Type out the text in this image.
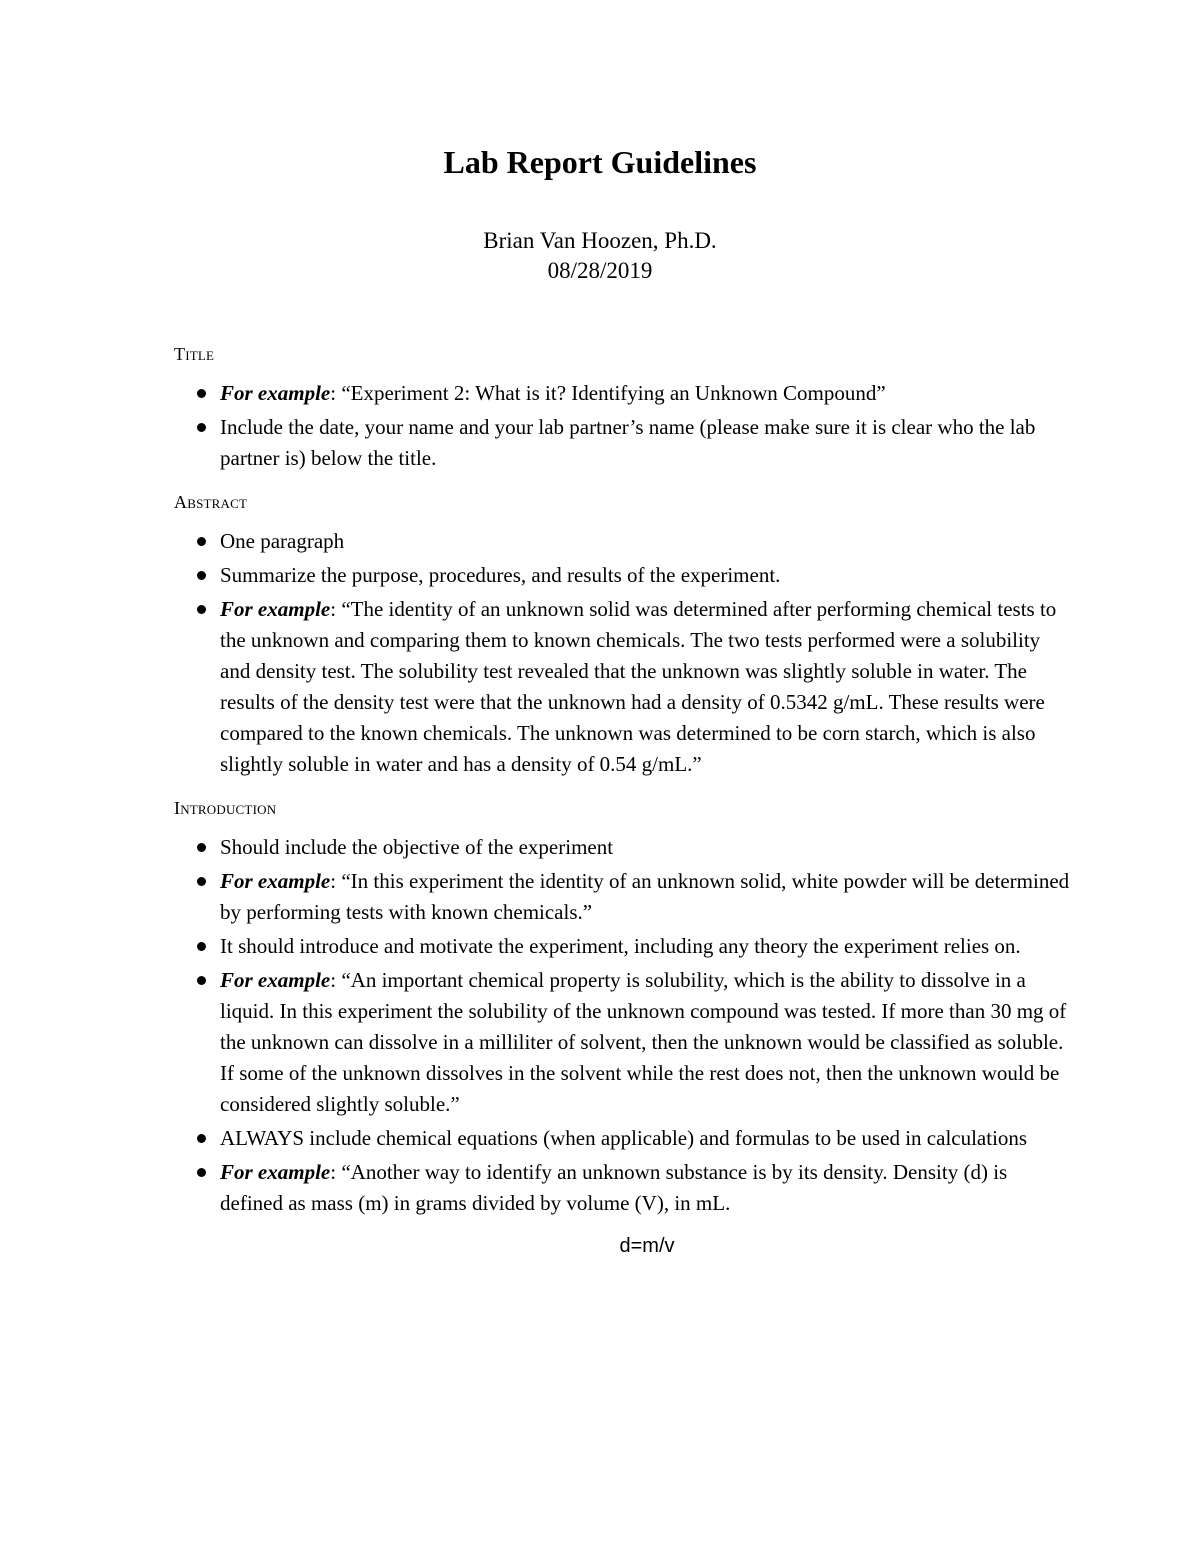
Lab Report Guidelines

Brian Van Hoozen, Ph.D.

08/28/2019

Title

For example: “Experiment 2: What is it? Identifying an Unknown Compound”
Include the date, your name and your lab partner’s name (please make sure it is clear who the lab partner is) below the title.

Abstract

One paragraph
Summarize the purpose, procedures, and results of the experiment.
For example: “The identity of an unknown solid was determined after performing chemical tests to the unknown and comparing them to known chemicals. The two tests performed were a solubility and density test. The solubility test revealed that the unknown was slightly soluble in water. The results of the density test were that the unknown had a density of 0.5342 g/mL. These results were compared to the known chemicals. The unknown was determined to be corn starch, which is also slightly soluble in water and has a density of 0.54 g/mL.”

Introduction

Should include the objective of the experiment
For example: “In this experiment the identity of an unknown solid, white powder will be determined by performing tests with known chemicals.”
It should introduce and motivate the experiment, including any theory the experiment relies on.
For example: “An important chemical property is solubility, which is the ability to dissolve in a liquid. In this experiment the solubility of the unknown compound was tested. If more than 30 mg of the unknown can dissolve in a milliliter of solvent, then the unknown would be classified as soluble. If some of the unknown dissolves in the solvent while the rest does not, then the unknown would be considered slightly soluble.”
ALWAYS include chemical equations (when applicable) and formulas to be used in calculations
For example: “Another way to identify an unknown substance is by its density. Density (d) is defined as mass (m) in grams divided by volume (V), in mL.

d=m/v
